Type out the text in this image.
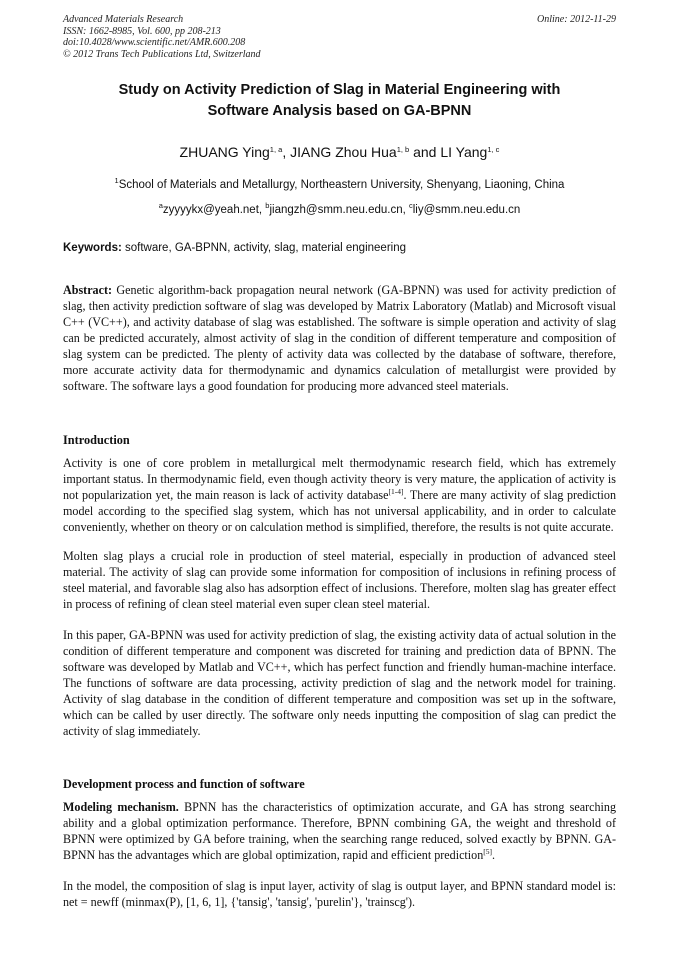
Advanced Materials Research
ISSN: 1662-8985, Vol. 600, pp 208-213
doi:10.4028/www.scientific.net/AMR.600.208
© 2012 Trans Tech Publications Ltd, Switzerland
Online: 2012-11-29
Study on Activity Prediction of Slag in Material Engineering with
Software Analysis based on GA-BPNN
ZHUANG Ying$^{1, a}$, JIANG Zhou Hua$^{1, b}$ and LI Yang$^{1, c}$
$^1$School of Materials and Metallurgy, Northeastern University, Shenyang, Liaoning, China
$^a$zyyyykx@yeah.net, $^b$jiangzh@smm.neu.edu.cn, $^c$liy@smm.neu.edu.cn
Keywords: software, GA-BPNN, activity, slag, material engineering
Abstract: Genetic algorithm-back propagation neural network (GA-BPNN) was used for activity prediction of slag, then activity prediction software of slag was developed by Matrix Laboratory (Matlab) and Microsoft visual C++ (VC++), and activity database of slag was established. The software is simple operation and activity of slag can be predicted accurately, almost activity of slag in the condition of different temperature and composition of slag system can be predicted. The plenty of activity data was collected by the database of software, therefore, more accurate activity data for thermodynamic and dynamics calculation of metallurgist were provided by software. The software lays a good foundation for producing more advanced steel materials.
Introduction
Activity is one of core problem in metallurgical melt thermodynamic research field, which has extremely important status. In thermodynamic field, even though activity theory is very mature, the application of activity is not popularization yet, the main reason is lack of activity database[1-4]. There are many activity of slag prediction model according to the specified slag system, which has not universal applicability, and in order to calculate conveniently, whether on theory or on calculation method is simplified, therefore, the results is not quite accurate.
Molten slag plays a crucial role in production of steel material, especially in production of advanced steel material. The activity of slag can provide some information for composition of inclusions in refining process of steel material, and favorable slag also has adsorption effect of inclusions. Therefore, molten slag has greater effect in process of refining of clean steel material even super clean steel material.
In this paper, GA-BPNN was used for activity prediction of slag, the existing activity data of actual solution in the condition of different temperature and component was discreted for training and prediction data of BPNN. The software was developed by Matlab and VC++, which has perfect function and friendly human-machine interface. The functions of software are data processing, activity prediction of slag and the network model for training. Activity of slag database in the condition of different temperature and composition was set up in the software, which can be called by user directly. The software only needs inputting the composition of slag can predict the activity of slag immediately.
Development process and function of software
Modeling mechanism. BPNN has the characteristics of optimization accurate, and GA has strong searching ability and a global optimization performance. Therefore, BPNN combining GA, the weight and threshold of BPNN were optimized by GA before training, when the searching range reduced, solved exactly by BPNN. GA-BPNN has the advantages which are global optimization, rapid and efficient prediction[5].
In the model, the composition of slag is input layer, activity of slag is output layer, and BPNN standard model is: net = newff (minmax(P), [1, 6, 1], {'tansig', 'tansig', 'purelin'}, 'trainscg').
